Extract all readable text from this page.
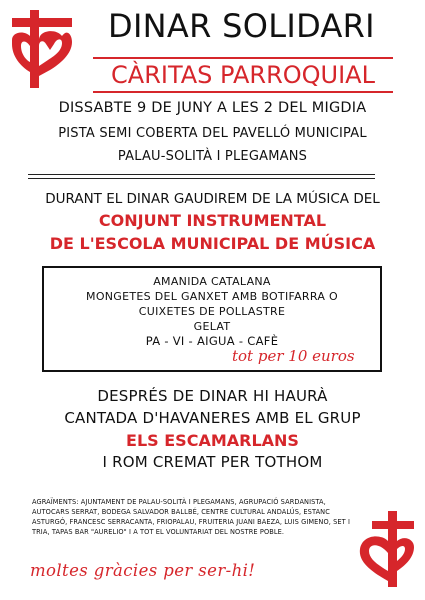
DINAR SOLIDARI
CÀRITAS PARROQUIAL
DISSABTE 9 DE JUNY A LES 2 DEL MIGDIA
PISTA SEMI COBERTA DEL PAVELLÓ MUNICIPAL
PALAU-SOLITÀ I PLEGAMANS
DURANT EL DINAR GAUDIREM DE LA MÚSICA DEL
CONJUNT INSTRUMENTAL
DE L'ESCOLA MUNICIPAL DE MÚSICA
AMANIDA CATALANA
MONGETES DEL GANXET AMB BOTIFARRA O
CUIXETES DE POLLASTRE
GELAT
PA - VI - AIGUA - CAFÈ
tot per 10 euros
DESPRÉS DE DINAR HI HAURÀ
CANTADA D'HAVANERES AMB EL GRUP
ELS ESCAMARLANS
I ROM CREMAT PER TOTHOM
AGRAÏMENTS: AJUNTAMENT DE PALAU-SOLITÀ I PLEGAMANS, AGRUPACIÓ SARDANISTA, AUTOCARS SERRAT, BODEGA SALVADOR BALLBÉ, CENTRE CULTURAL ANDALÚS, ESTANC ASTURGÓ, FRANCESC SERRACANTA, FRIOPALAU, FRUITERIA JUANI BAEZA, LUIS GIMENO, SET I TRIA, TAPAS BAR "AURELIO" I A TOT EL VOLUNTARIAT DEL NOSTRE POBLE.
moltes gràcies per ser-hi!
